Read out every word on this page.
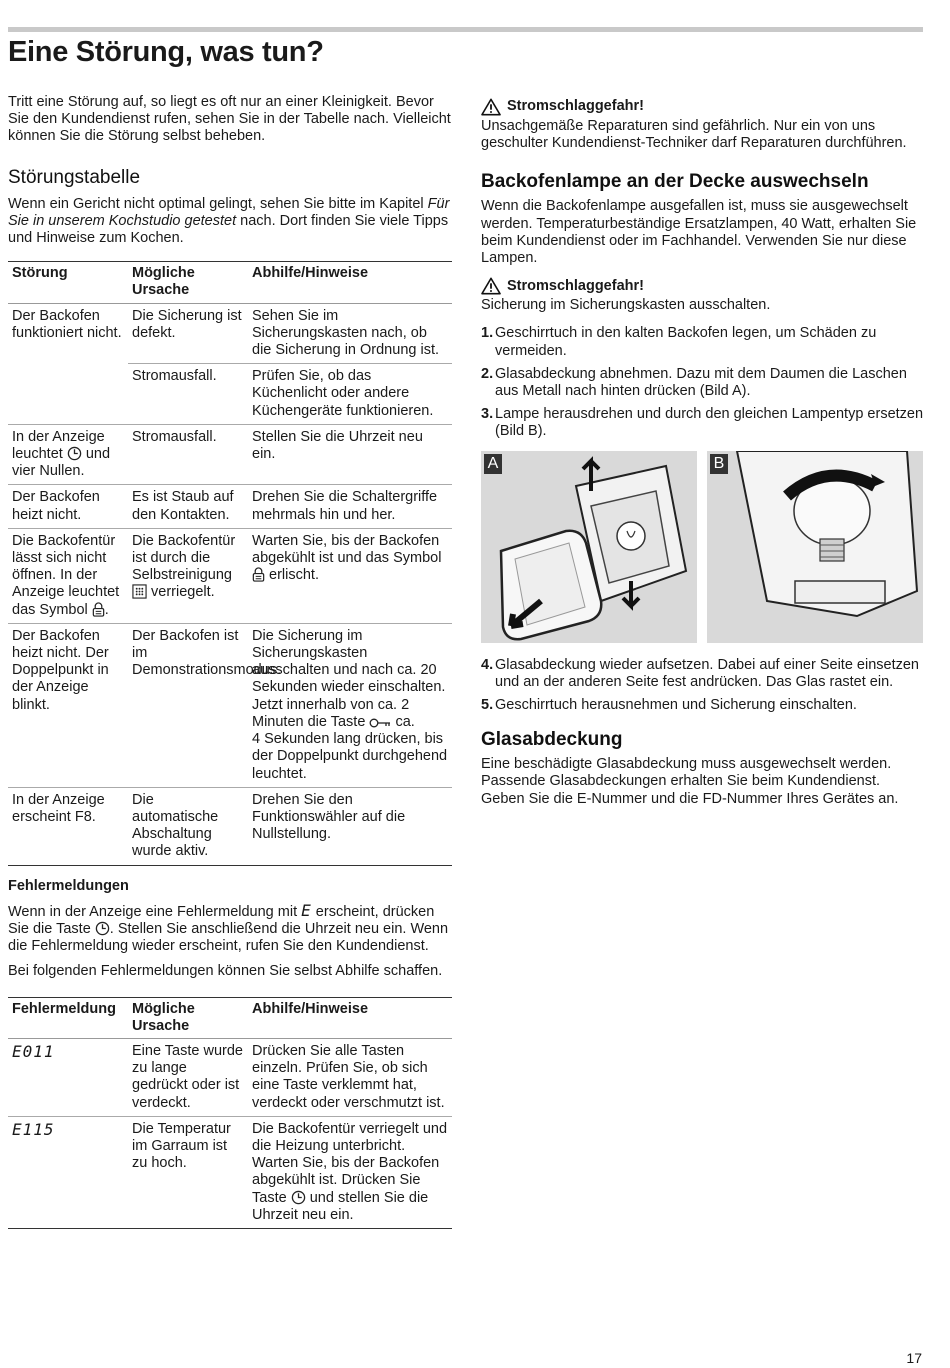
Eine Störung, was tun?

Tritt eine Störung auf, so liegt es oft nur an einer Kleinigkeit. Bevor Sie den Kundendienst rufen, sehen Sie in der Tabelle nach. Vielleicht können Sie die Störung selbst beheben.

Störungstabelle

Wenn ein Gericht nicht optimal gelingt, sehen Sie bitte im Kapitel Für Sie in unserem Kochstudio getestet nach. Dort finden Sie viele Tipps und Hinweise zum Kochen.

Störung	Mögliche Ursache	Abhilfe/Hinweise
Der Backofen funktioniert nicht.	Die Sicherung ist defekt.	Sehen Sie im Sicherungskasten nach, ob die Sicherung in Ordnung ist.
	Stromausfall.	Prüfen Sie, ob das Küchenlicht oder andere Küchengeräte funktionieren.
In der Anzeige leuchtet und vier Nullen.	Stromausfall.	Stellen Sie die Uhrzeit neu ein.
Der Backofen heizt nicht.	Es ist Staub auf den Kontakten.	Drehen Sie die Schaltergriffe mehrmals hin und her.
Die Backofentür lässt sich nicht öffnen. In der Anzeige leuchtet das Symbol .	Die Backofentür ist durch die Selbstreinigung  verriegelt.	Warten Sie, bis der Backofen abgekühlt ist und das Symbol  erlischt.
Der Backofen heizt nicht. Der Doppelpunkt in der Anzeige blinkt.	Der Backofen ist im Demonstrationsmodus.	Die Sicherung im Sicherungskasten ausschalten und nach ca. 20 Sekunden wieder einschalten. Jetzt innerhalb von ca. 2 Minuten die Taste ca.
4 Sekunden lang drücken, bis der Doppelpunkt durchgehend leuchtet.
In der Anzeige erscheint F8.	Die automatische Abschaltung wurde aktiv.	Drehen Sie den Funktionswähler auf die Nullstellung.
Fehlermeldungen

Wenn in der Anzeige eine Fehlermeldung mit E erscheint, drücken Sie die Taste . Stellen Sie anschließend die Uhrzeit neu ein. Wenn die Fehlermeldung wieder erscheint, rufen Sie den Kundendienst.

Bei folgenden Fehlermeldungen können Sie selbst Abhilfe schaffen.

Fehlermeldung	Mögliche Ursache	Abhilfe/Hinweise
E011	Eine Taste wurde zu lange gedrückt oder ist verdeckt.	Drücken Sie alle Tasten einzeln. Prüfen Sie, ob sich eine Taste verklemmt hat, verdeckt oder verschmutzt ist.
E115	Die Temperatur im Garraum ist zu hoch.	Die Backofentür verriegelt und die Heizung unterbricht. Warten Sie, bis der Backofen abgekühlt ist. Drücken Sie Taste und stellen Sie die Uhrzeit neu ein.
Stromschlaggefahr!

Unsachgemäße Reparaturen sind gefährlich. Nur ein von uns geschulter Kundendienst-Techniker darf Reparaturen durchführen.

Backofenlampe an der Decke auswechseln

Wenn die Backofenlampe ausgefallen ist, muss sie ausgewechselt werden. Temperaturbeständige Ersatzlampen, 40 Watt, erhalten Sie beim Kundendienst oder im Fachhandel. Verwenden Sie nur diese Lampen.

Stromschlaggefahr!

Sicherung im Sicherungskasten ausschalten.

1. Geschirrtuch in den kalten Backofen legen, um Schäden zu vermeiden.
2. Glasabdeckung abnehmen. Dazu mit dem Daumen die Laschen aus Metall nach hinten drücken (Bild A).
3. Lampe herausdrehen und durch den gleichen Lampentyp ersetzen (Bild B).
A	B
4. Glasabdeckung wieder aufsetzen. Dabei auf einer Seite einsetzen und an der anderen Seite fest andrücken. Das Glas rastet ein.
5. Geschirrtuch herausnehmen und Sicherung einschalten.
Glasabdeckung

Eine beschädigte Glasabdeckung muss ausgewechselt werden. Passende Glasabdeckungen erhalten Sie beim Kundendienst. Geben Sie die E-Nummer und die FD-Nummer Ihres Gerätes an.

17
